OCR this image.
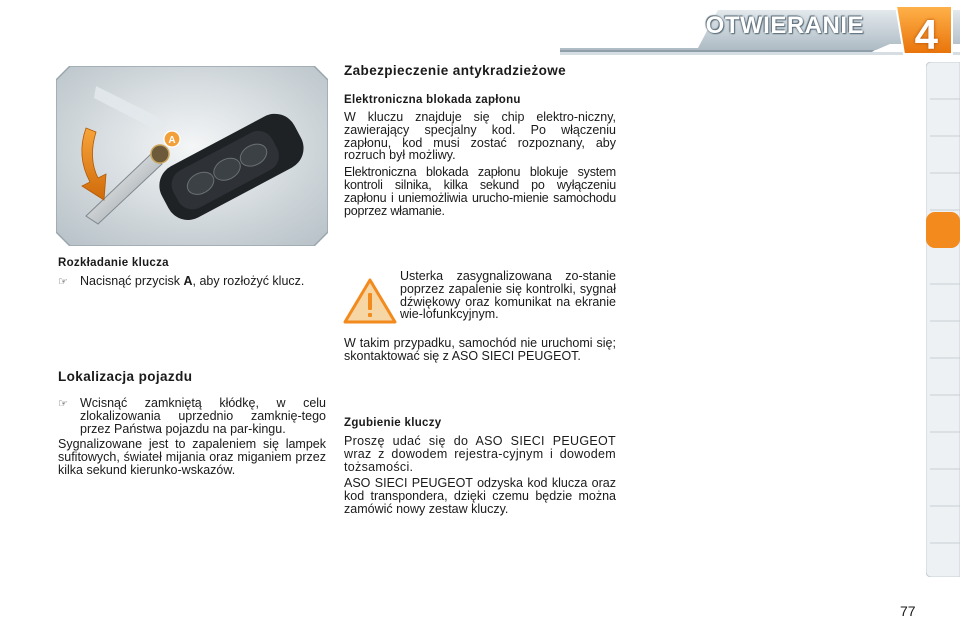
OTWIERANIE 4
A
Rozkładanie klucza
☞ Nacisnąć przycisk A, aby rozłożyć klucz.
Lokalizacja pojazdu
☞ Wcisnąć zamkniętą kłódkę, w celu zlokalizowania uprzednio zamknię-tego przez Państwa pojazdu na par-kingu.
Sygnalizowane jest to zapaleniem się lampek sufitowych, świateł mijania oraz miganiem przez kilka sekund kierunko-wskazów.
Zabezpieczenie antykradzieżowe
Elektroniczna blokada zapłonu
W kluczu znajduje się chip elektro-niczny, zawierający specjalny kod. Po włączeniu zapłonu, kod musi zostać rozpoznany, aby rozruch był możliwy.
Elektroniczna blokada zapłonu blokuje system kontroli silnika, kilka sekund po wyłączeniu zapłonu i uniemożliwia urucho-mienie samochodu poprzez włamanie.
Usterka zasygnalizowana zo-stanie poprzez zapalenie się kontrolki, sygnał dźwiękowy oraz komunikat na ekranie wie-lofunkcyjnym.
W takim przypadku, samochód nie uruchomi się; skontaktować się z ASO SIECI PEUGEOT.
Zgubienie kluczy
Proszę udać się do ASO SIECI PEUGEOT wraz z dowodem rejestra-cyjnym i dowodem tożsamości.
ASO SIECI PEUGEOT odzyska kod klucza oraz kod transpondera, dzięki czemu będzie można zamówić nowy zestaw kluczy.
77
